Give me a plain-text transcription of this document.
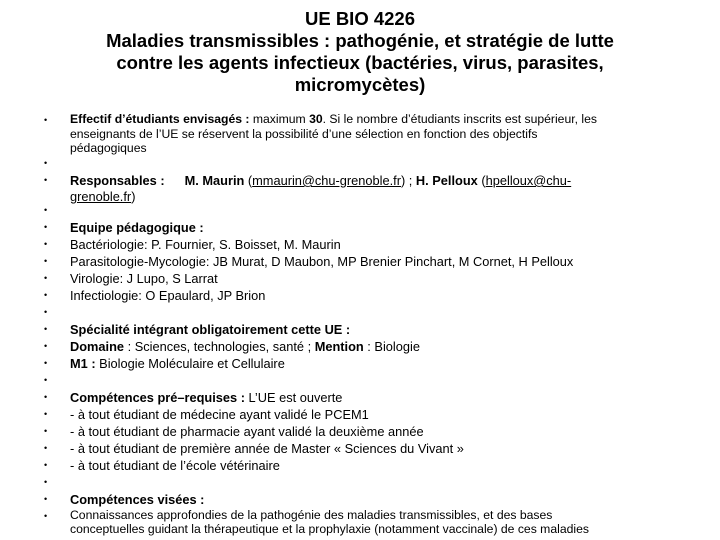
UE BIO 4226
Maladies transmissibles : pathogénie, et stratégie de lutte
contre les agents infectieux (bactéries, virus, parasites,
micromycètes)
•
•
•
•
•
•
•
•
•
•
•
•
•
•
•
•
•
•
•
•
•
•
Effectif d’étudiants envisagés : maximum 30. Si le nombre d’étudiants inscrits est supérieur, les
enseignants de l’UE se réservent la possibilité d’une sélection en fonction des objectifs
pédagogiques
Responsables : M. Maurin (mmaurin@chu-grenoble.fr) ; H. Pelloux (hpelloux@chu-
grenoble.fr)
Equipe pédagogique :
Bactériologie: P. Fournier, S. Boisset, M. Maurin
Parasitologie-Mycologie: JB Murat, D Maubon, MP Brenier Pinchart, M Cornet, H Pelloux
Virologie: J Lupo, S Larrat
Infectiologie: O Epaulard, JP Brion
Spécialité intégrant obligatoirement cette UE :
Domaine : Sciences, technologies, santé ; Mention : Biologie
M1 : Biologie Moléculaire et Cellulaire
Compétences pré–requises : L’UE est ouverte
- à tout étudiant de médecine ayant validé le PCEM1
- à tout étudiant de pharmacie ayant validé la deuxième année
- à tout étudiant de première année de Master « Sciences du Vivant »
- à tout étudiant de l’école vétérinaire
Compétences visées :
Connaissances approfondies de la pathogénie des maladies transmissibles, et des bases
conceptuelles guidant la thérapeutique et la prophylaxie (notamment vaccinale) de ces maladies
